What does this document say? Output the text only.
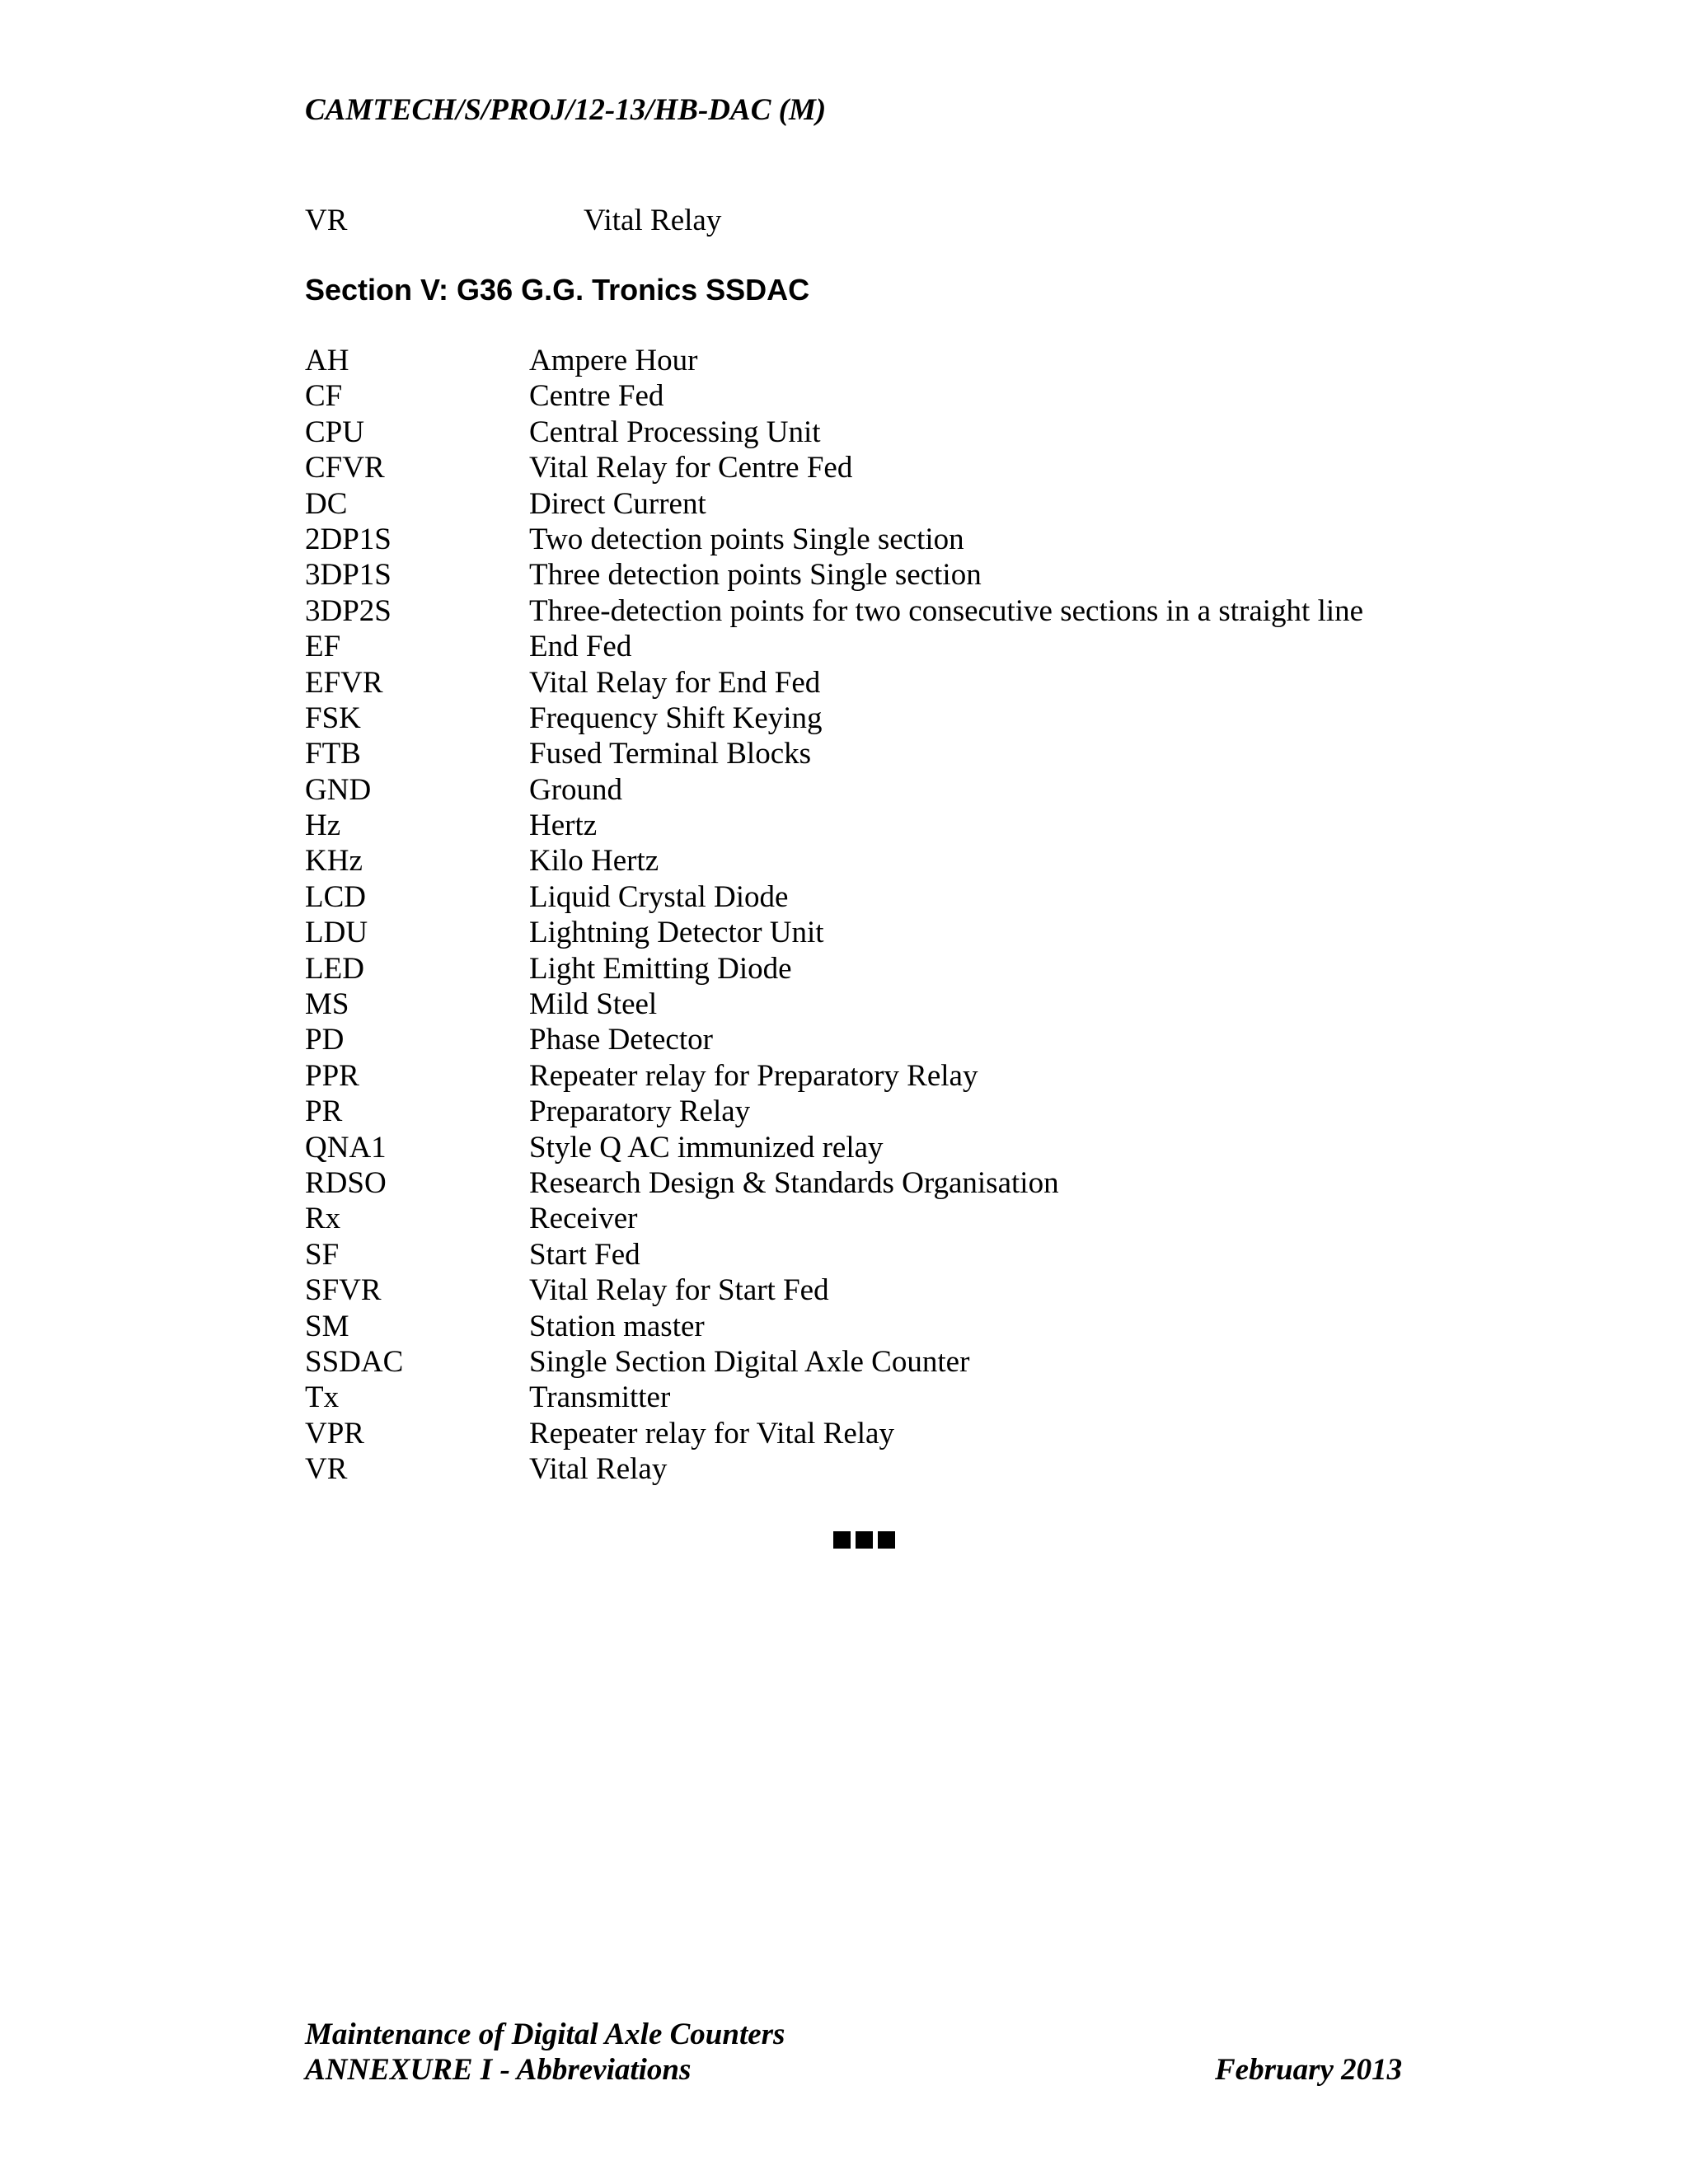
CAMTECH/S/PROJ/12-13/HB-DAC (M)
VR	Vital Relay
Section V: G36 G.G. Tronics SSDAC
AH	Ampere Hour
CF	Centre Fed
CPU	Central Processing Unit
CFVR	Vital Relay for Centre Fed
DC	Direct Current
2DP1S	Two detection points Single section
3DP1S	Three detection points Single section
3DP2S	Three-detection points for two consecutive sections in a straight line
EF	End Fed
EFVR	Vital Relay for End Fed
FSK	Frequency Shift Keying
FTB	Fused Terminal Blocks
GND	Ground
Hz	Hertz
KHz	Kilo Hertz
LCD	Liquid Crystal Diode
LDU	Lightning Detector Unit
LED	Light Emitting Diode
MS	Mild Steel
PD	Phase Detector
PPR	Repeater relay for Preparatory Relay
PR	Preparatory Relay
QNA1	Style Q AC immunized relay
RDSO	Research Design & Standards Organisation
Rx	Receiver
SF	Start Fed
SFVR	Vital Relay for Start Fed
SM	Station master
SSDAC	Single Section Digital Axle Counter
Tx	Transmitter
VPR	Repeater relay for Vital Relay
VR	Vital Relay
Maintenance of Digital Axle Counters
ANNEXURE I - Abbreviations	February 2013
